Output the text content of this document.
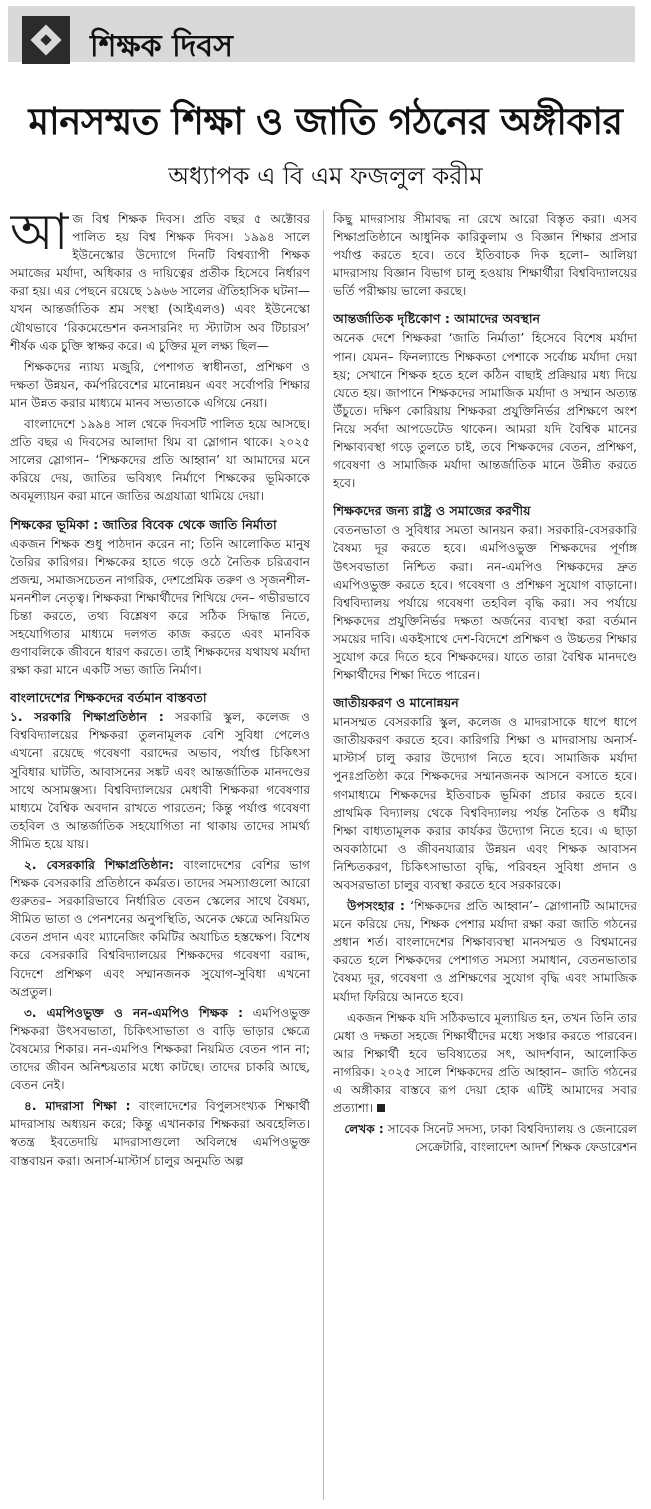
শিক্ষক দিবস
মানসম্মত শিক্ষা ও জাতি গঠনের অঙ্গীকার
অধ্যাপক এ বি এম ফজলুল করীম

আজ বিশ্ব শিক্ষক দিবস। প্রতি বছর ৫ অক্টোবর পালিত হয় বিশ্ব শিক্ষক দিবস। ১৯৯৪ সালে ইউনেস্কোর উদ্যোগে দিনটি বিশ্বব্যাপী শিক্ষক সমাজের মর্যাদা, অধিকার ও দায়িত্বের প্রতীক হিসেবে নির্ধারণ করা হয়। এর পেছনে রয়েছে ১৯৬৬ সালের ঐতিহাসিক ঘটনা— যখন আন্তর্জাতিক শ্রম সংস্থা (আইএলও) এবং ইউনেস্কো যৌথভাবে ‘রিকমেন্ডেশন কনসারনিং দ্য স্ট্যাটাস অব টিচারস’ শীর্ষক এক চুক্তি স্বাক্ষর করে। এ চুক্তির মূল লক্ষ্য ছিল—

শিক্ষকদের ন্যায্য মজুরি, পেশাগত স্বাধীনতা, প্রশিক্ষণ ও দক্ষতা উন্নয়ন, কর্মপরিবেশের মানোন্নয়ন এবং সর্বোপরি শিক্ষার মান উন্নত করার মাধ্যমে মানব সভ্যতাকে এগিয়ে নেয়া।

বাংলাদেশে ১৯৯৪ সাল থেকে দিবসটি পালিত হয়ে আসছে। প্রতি বছর এ দিবসের আলাদা থিম বা স্লোগান থাকে। ২০২৫ সালের স্লোগান– ‘শিক্ষকদের প্রতি আহ্বান’ যা আমাদের মনে করিয়ে দেয়, জাতির ভবিষ্যৎ নির্মাণে শিক্ষকের ভূমিকাকে অবমূল্যায়ন করা মানে জাতির অগ্রযাত্রা থামিয়ে দেয়া।

শিক্ষকের ভূমিকা : জাতির বিবেক থেকে জাতি নির্মাতা

একজন শিক্ষক শুধু পাঠদান করেন না; তিনি আলোকিত মানুষ তৈরির কারিগর। শিক্ষকের হাতে গড়ে ওঠে নৈতিক চরিত্রবান প্রজন্ম, সমাজসচেতন নাগরিক, দেশপ্রেমিক তরুণ ও সৃজনশীল-মননশীল নেতৃত্ব। শিক্ষকরা শিক্ষার্থীদের শিখিয়ে দেন– গভীরভাবে চিন্তা করতে, তথ্য বিশ্লেষণ করে সঠিক সিদ্ধান্ত নিতে, সহযোগিতার মাধ্যমে দলগত কাজ করতে এবং মানবিক গুণাবলিকে জীবনে ধারণ করতে। তাই শিক্ষকদের যথাযথ মর্যাদা রক্ষা করা মানে একটি সভ্য জাতি নির্মাণ।

বাংলাদেশের শিক্ষকদের বর্তমান বাস্তবতা

১. সরকারি শিক্ষাপ্রতিষ্ঠান : সরকারি স্কুল, কলেজ ও বিশ্ববিদ্যালয়ের শিক্ষকরা তুলনামূলক বেশি সুবিধা পেলেও এখনো রয়েছে গবেষণা বরাদ্দের অভাব, পর্যাপ্ত চিকিৎসা সুবিধার ঘাটতি, আবাসনের সঙ্কট এবং আন্তর্জাতিক মানদণ্ডের সাথে অসামঞ্জস্য। বিশ্ববিদ্যালয়ের মেধাবী শিক্ষকরা গবেষণার মাধ্যমে বৈশ্বিক অবদান রাখতে পারতেন; কিন্তু পর্যাপ্ত গবেষণা তহবিল ও আন্তর্জাতিক সহযোগিতা না থাকায় তাদের সামর্থ্য সীমিত হয়ে যায়।

২. বেসরকারি শিক্ষাপ্রতিষ্ঠান: বাংলাদেশের বেশির ভাগ শিক্ষক বেসরকারি প্রতিষ্ঠানে কর্মরত। তাদের সমস্যাগুলো আরো গুরুতর– সরকারিভাবে নির্ধারিত বেতন স্কেলের সাথে বৈষম্য, সীমিত ভাতা ও পেনশনের অনুপস্থিতি, অনেক ক্ষেত্রে অনিয়মিত বেতন প্রদান এবং ম্যানেজিং কমিটির অযাচিত হস্তক্ষেপ। বিশেষ করে বেসরকারি বিশ্ববিদ্যালয়ের শিক্ষকদের গবেষণা বরাদ্দ, বিদেশে প্রশিক্ষণ এবং সম্মানজনক সুযোগ-সুবিধা এখনো অপ্রতুল।

৩. এমপিওভুক্ত ও নন-এমপিও শিক্ষক : এমপিওভুক্ত শিক্ষকরা উৎসবভাতা, চিকিৎসাভাতা ও বাড়ি ভাড়ার ক্ষেত্রে বৈষম্যের শিকার। নন-এমপিও শিক্ষকরা নিয়মিত বেতন পান না; তাদের জীবন অনিশ্চয়তার মধ্যে কাটছে। তাদের চাকরি আছে, বেতন নেই।

৪. মাদরাসা শিক্ষা : বাংলাদেশের বিপুলসংখ্যক শিক্ষার্থী মাদরাসায় অধ্যয়ন করে; কিন্তু এখানকার শিক্ষকরা অবহেলিত। স্বতন্ত্র ইবতেদায়ি মাদরাসাগুলো অবিলম্বে এমপিওভুক্ত বাস্তবায়ন করা। অনার্স-মাস্টার্স চালুর অনুমতি অল্প

কিছু মাদরাসায় সীমাবদ্ধ না রেখে আরো বিস্তৃত করা। এসব শিক্ষাপ্রতিষ্ঠানে আধুনিক কারিকুলাম ও বিজ্ঞান শিক্ষার প্রসার পর্যাপ্ত করতে হবে। তবে ইতিবাচক দিক হলো– আলিয়া মাদরাসায় বিজ্ঞান বিভাগ চালু হওয়ায় শিক্ষার্থীরা বিশ্ববিদ্যালয়ের ভর্তি পরীক্ষায় ভালো করছে।

আন্তর্জাতিক দৃষ্টিকোণ : আমাদের অবস্থান

অনেক দেশে শিক্ষকরা ‘জাতি নির্মাতা’ হিসেবে বিশেষ মর্যাদা পান। যেমন– ফিনল্যান্ডে শিক্ষকতা পেশাকে সর্বোচ্চ মর্যাদা দেয়া হয়; সেখানে শিক্ষক হতে হলে কঠিন বাছাই প্রক্রিয়ার মধ্য দিয়ে যেতে হয়। জাপানে শিক্ষকদের সামাজিক মর্যাদা ও সম্মান অত্যন্ত উঁচুতে। দক্ষিণ কোরিয়ায় শিক্ষকরা প্রযুক্তিনির্ভর প্রশিক্ষণে অংশ নিয়ে সর্বদা আপডেটেড থাকেন। আমরা যদি বৈশ্বিক মানের শিক্ষাব্যবস্থা গড়ে তুলতে চাই, তবে শিক্ষকদের বেতন, প্রশিক্ষণ, গবেষণা ও সামাজিক মর্যাদা আন্তর্জাতিক মানে উন্নীত করতে হবে।

শিক্ষকদের জন্য রাষ্ট্র ও সমাজের করণীয়

বেতনভাতা ও সুবিধার সমতা আনয়ন করা। সরকারি-বেসরকারি বৈষম্য দূর করতে হবে। এমপিওভুক্ত শিক্ষকদের পূর্ণাঙ্গ উৎসবভাতা নিশ্চিত করা। নন-এমপিও শিক্ষকদের দ্রুত এমপিওভুক্ত করতে হবে। গবেষণা ও প্রশিক্ষণ সুযোগ বাড়ানো। বিশ্ববিদ্যালয় পর্যায়ে গবেষণা তহবিল বৃদ্ধি করা। সব পর্যায়ে শিক্ষকদের প্রযুক্তিনির্ভর দক্ষতা অর্জনের ব্যবস্থা করা বর্তমান সময়ের দাবি। একইসাথে দেশ-বিদেশে প্রশিক্ষণ ও উচ্চতর শিক্ষার সুযোগ করে দিতে হবে শিক্ষকদের। যাতে তারা বৈশ্বিক মানদণ্ডে শিক্ষার্থীদের শিক্ষা দিতে পারেন।

জাতীয়করণ ও মানোন্নয়ন

মানসম্মত বেসরকারি স্কুল, কলেজ ও মাদরাসাকে ধাপে ধাপে জাতীয়করণ করতে হবে। কারিগরি শিক্ষা ও মাদরাসায় অনার্স-মাস্টার্স চালু করার উদ্যোগ নিতে হবে। সামাজিক মর্যাদা পুনঃপ্রতিষ্ঠা করে শিক্ষকদের সম্মানজনক আসনে বসাতে হবে। গণমাধ্যমে শিক্ষকদের ইতিবাচক ভূমিকা প্রচার করতে হবে। প্রাথমিক বিদ্যালয় থেকে বিশ্ববিদ্যালয় পর্যন্ত নৈতিক ও ধর্মীয় শিক্ষা বাধ্যতামূলক করার কার্যকর উদ্যোগ নিতে হবে। এ ছাড়া অবকাঠামো ও জীবনযাত্রার উন্নয়ন এবং শিক্ষক আবাসন নিশ্চিতকরণ, চিকিৎসাভাতা বৃদ্ধি, পরিবহন সুবিধা প্রদান ও অবসরভাতা চালুর ব্যবস্থা করতে হবে সরকারকে।

উপসংহার : ‘শিক্ষকদের প্রতি আহ্বান’– স্লোগানটি আমাদের মনে করিয়ে দেয়, শিক্ষক পেশার মর্যাদা রক্ষা করা জাতি গঠনের প্রধান শর্ত। বাংলাদেশের শিক্ষাব্যবস্থা মানসম্মত ও বিশ্বমানের করতে হলে শিক্ষকদের পেশাগত সমস্যা সমাধান, বেতনভাতার বৈষম্য দূর, গবেষণা ও প্রশিক্ষণের সুযোগ বৃদ্ধি এবং সামাজিক মর্যাদা ফিরিয়ে আনতে হবে।

একজন শিক্ষক যদি সঠিকভাবে মূল্যায়িত হন, তখন তিনি তার মেধা ও দক্ষতা সহজে শিক্ষার্থীদের মধ্যে সঞ্চার করতে পারবেন। আর শিক্ষার্থী হবে ভবিষ্যতের সৎ, আদর্শবান, আলোকিত নাগরিক। ২০২৫ সালে শিক্ষকদের প্রতি আহ্বান– জাতি গঠনের এ অঙ্গীকার বাস্তবে রূপ দেয়া হোক এটিই আমাদের সবার প্রত্যাশা।

লেখক : সাবেক সিনেট সদস্য, ঢাকা বিশ্ববিদ্যালয় ও জেনারেল সেক্রেটারি, বাংলাদেশ আদর্শ শিক্ষক ফেডারেশন
